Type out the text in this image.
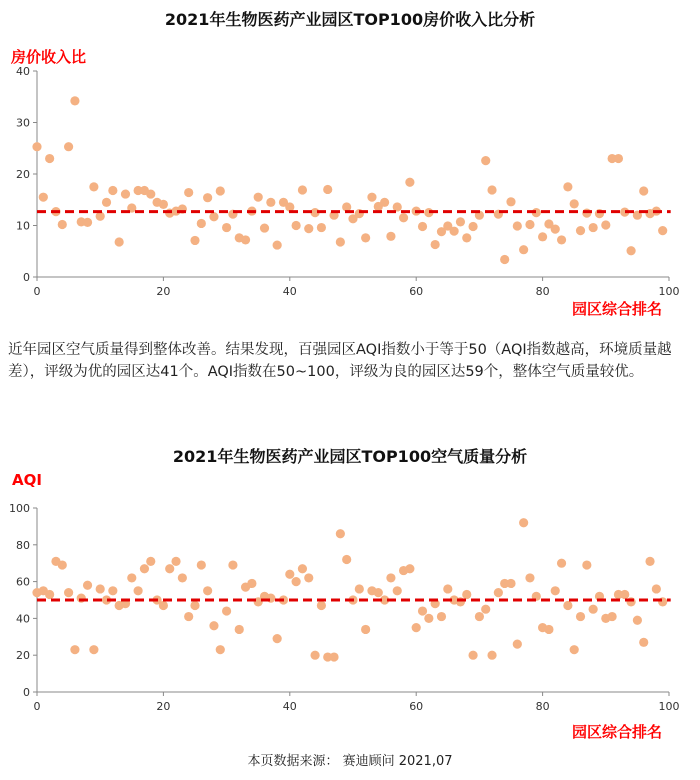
2021年生物医药产业园区TOP100房价收入比分析
房价收入比
0
10
20
30
40
0	20	40	60	80	100
园区综合排名
近年园区空气质量得到整体改善。结果发现，百强园区AQI指数小于等于50（AQI指数越高，环境质量越差），评级为优的园区达41个。AQI指数在50~100，评级为良的园区达59个，整体空气质量较优。
2021年生物医药产业园区TOP100空气质量分析
AQI
0
20
40
60
80
100
0	20	40	60	80	100
园区综合排名
本页数据来源： 赛迪顾问 2021,07
